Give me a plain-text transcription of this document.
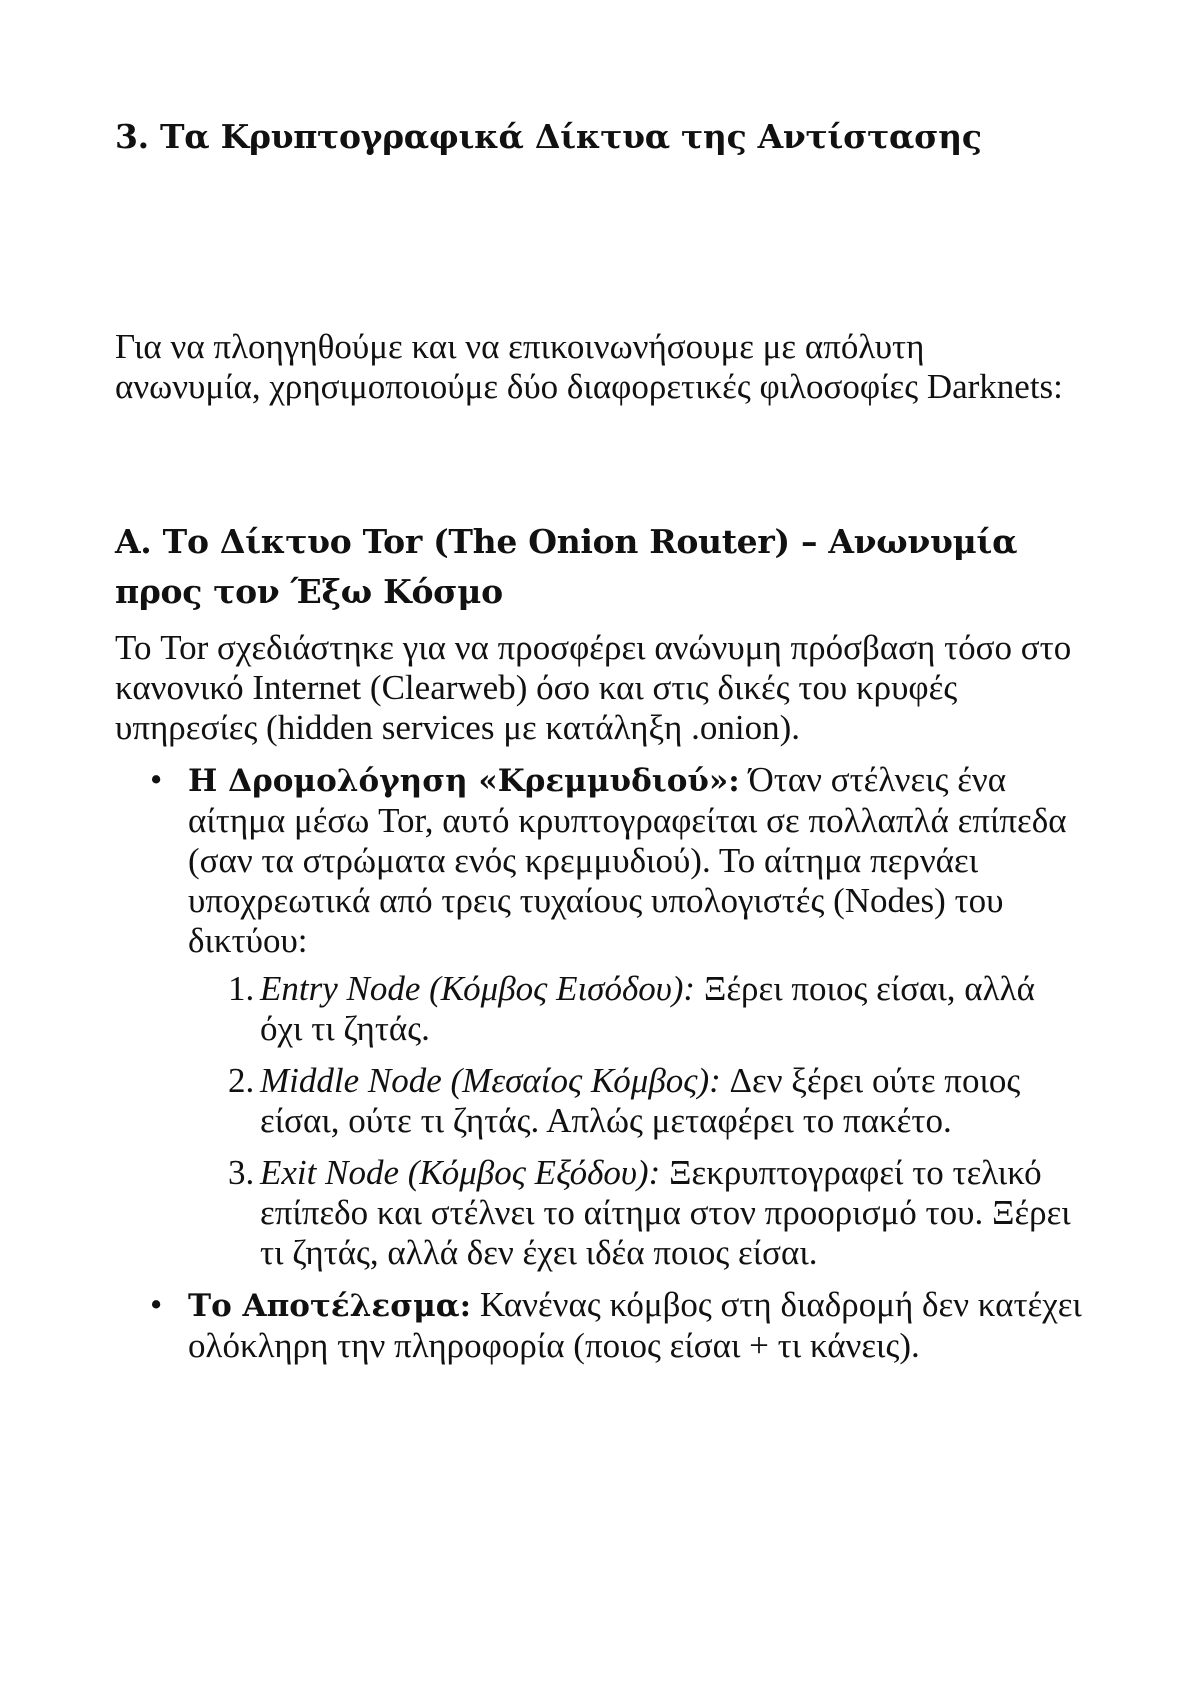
3. Τα Κρυπτογραφικά Δίκτυα της Αντίστασης

Για να πλοηγηθούμε και να επικοινωνήσουμε με απόλυτη ανωνυμία, χρησιμοποιούμε δύο διαφορετικές φιλοσοφίες Darknets:

A. Το Δίκτυο Tor (The Onion Router) – Ανωνυμία προς τον Έξω Κόσμο

Το Tor σχεδιάστηκε για να προσφέρει ανώνυμη πρόσβαση τόσο στο κανονικό Internet (Clearweb) όσο και στις δικές του κρυφές υπηρεσίες (hidden services με κατάληξη .onion).

• Η Δρομολόγηση «Κρεμμυδιού»: Όταν στέλνεις ένα αίτημα μέσω Tor, αυτό κρυπτογραφείται σε πολλαπλά επίπεδα (σαν τα στρώματα ενός κρεμμυδιού). Το αίτημα περνάει υποχρεωτικά από τρεις τυχαίους υπολογιστές (Nodes) του δικτύου:
1. Entry Node (Κόμβος Εισόδου): Ξέρει ποιος είσαι, αλλά όχι τι ζητάς.
2. Middle Node (Μεσαίος Κόμβος): Δεν ξέρει ούτε ποιος είσαι, ούτε τι ζητάς. Απλώς μεταφέρει το πακέτο.
3. Exit Node (Κόμβος Εξόδου): Ξεκρυπτογραφεί το τελικό επίπεδο και στέλνει το αίτημα στον προορισμό του. Ξέρει τι ζητάς, αλλά δεν έχει ιδέα ποιος είσαι.
• Το Αποτέλεσμα: Κανένας κόμβος στη διαδρομή δεν κατέχει ολόκληρη την πληροφορία (ποιος είσαι + τι κάνεις).
